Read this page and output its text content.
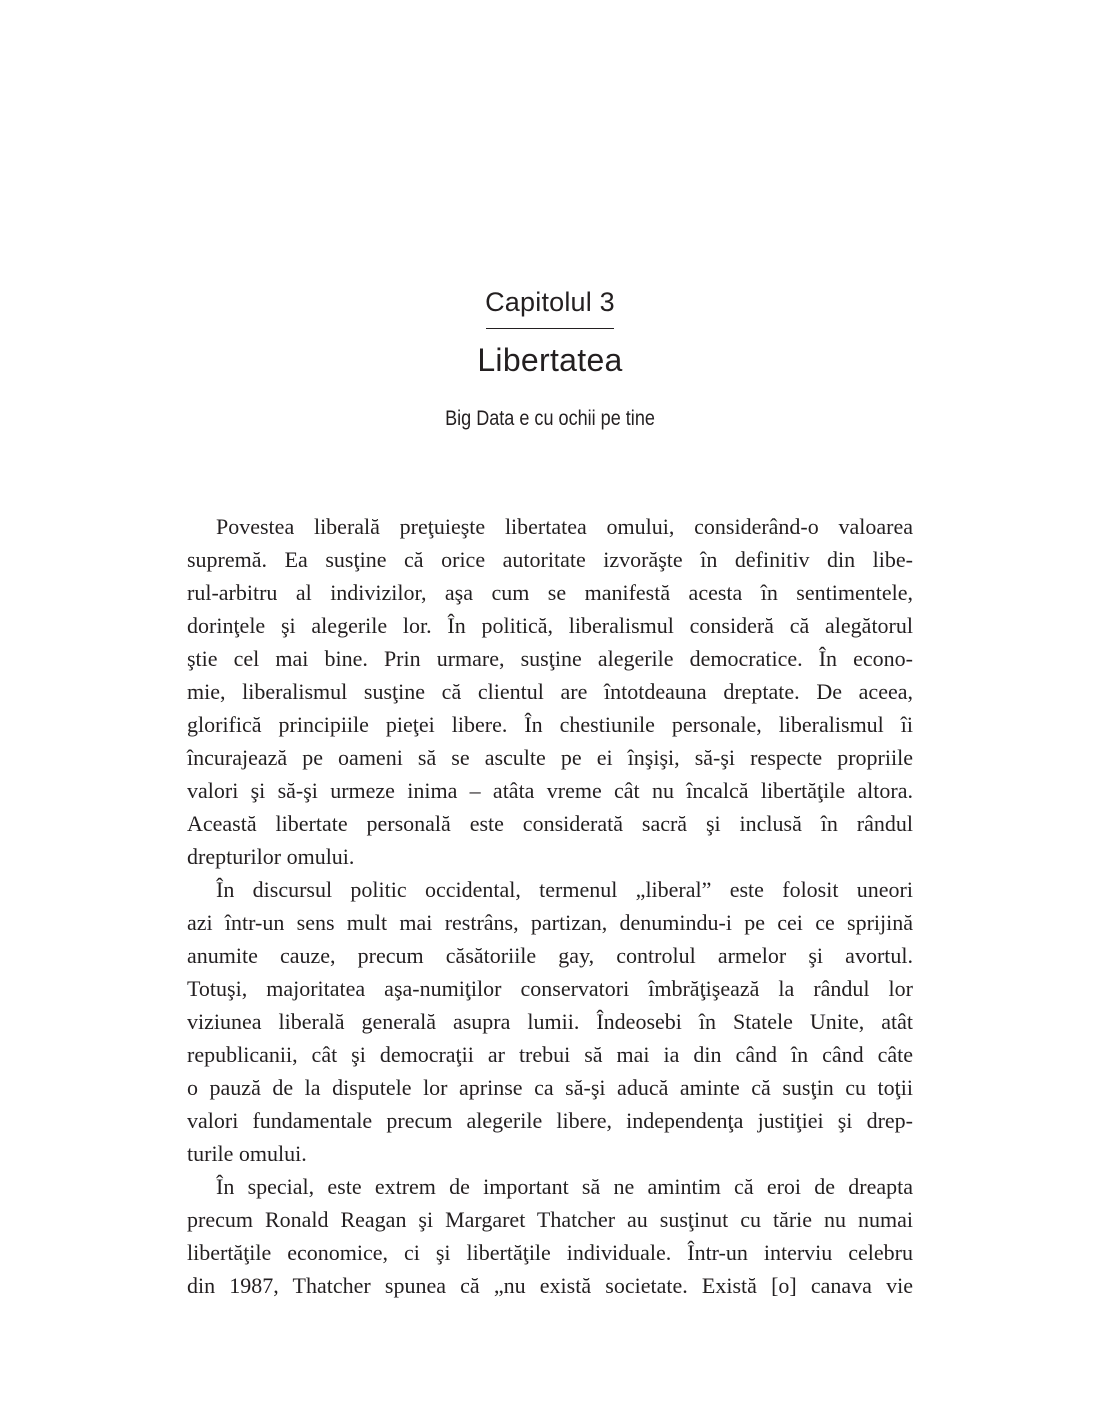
Capitolul 3
Libertatea
Big Data e cu ochii pe tine
Povestea liberală preţuieşte libertatea omului, considerând-o valoarea
supremă. Ea susţine că orice autoritate izvorăşte în definitiv din libe-
rul-arbitru al indivizilor, aşa cum se manifestă acesta în sentimentele,
dorinţele şi alegerile lor. În politică, liberalismul consideră că alegătorul
ştie cel mai bine. Prin urmare, susţine alegerile democratice. În econo-
mie, liberalismul susţine că clientul are întotdeauna dreptate. De aceea,
glorifică principiile pieţei libere. În chestiunile personale, liberalismul îi
încurajează pe oameni să se asculte pe ei înşişi, să-şi respecte propriile
valori şi să-şi urmeze inima – atâta vreme cât nu încalcă libertăţile altora.
Această libertate personală este considerată sacră şi inclusă în rândul
drepturilor omului.
În discursul politic occidental, termenul „liberal” este folosit uneori
azi într-un sens mult mai restrâns, partizan, denumindu-i pe cei ce sprijină
anumite cauze, precum căsătoriile gay, controlul armelor şi avortul.
Totuşi, majoritatea aşa-numiţilor conservatori îmbrăţişează la rândul lor
viziunea liberală generală asupra lumii. Îndeosebi în Statele Unite, atât
republicanii, cât şi democraţii ar trebui să mai ia din când în când câte
o pauză de la disputele lor aprinse ca să-şi aducă aminte că susţin cu toţii
valori fundamentale precum alegerile libere, independenţa justiţiei şi drep-
turile omului.
În special, este extrem de important să ne amintim că eroi de dreapta
precum Ronald Reagan şi Margaret Thatcher au susţinut cu tărie nu numai
libertăţile economice, ci şi libertăţile individuale. Într-un interviu celebru
din 1987, Thatcher spunea că „nu există societate. Există [o] canava vie
